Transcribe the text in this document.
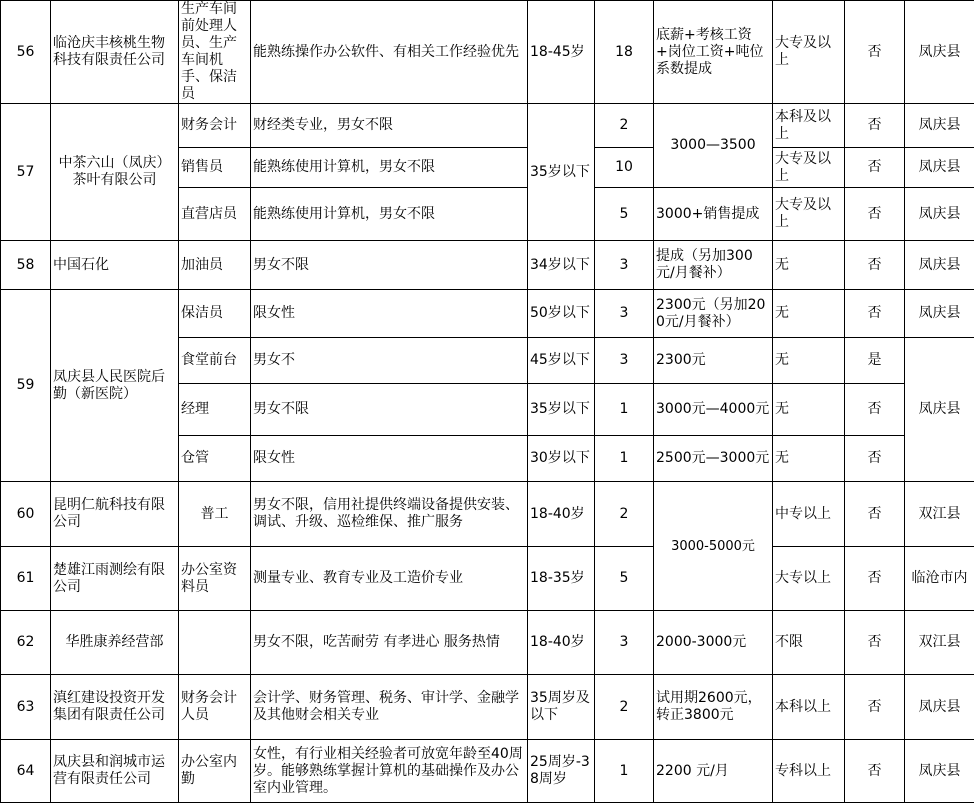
56	临沧庆丰核桃生物科技有限责任公司	生产车间前处理人员、生产车间机手、保洁员	能熟练操作办公软件、有相关工作经验优先	18-45岁	18	底薪+考核工资+岗位工资+吨位系数提成	大专及以上	否	凤庆县
57	中茶六山（凤庆）茶叶有限公司	财务会计	财经类专业，男女不限	35岁以下	2	3000—3500	本科及以上	否	凤庆县
		销售员	能熟练使用计算机，男女不限		10		大专及以上	否	凤庆县
		直营店员	能熟练使用计算机，男女不限		5	3000+销售提成	大专及以上	否	凤庆县
58	中国石化	加油员	男女不限	34岁以下	3	提成（另加300元/月餐补）	无	否	凤庆县
59	凤庆县人民医院后勤（新医院）	保洁员	限女性	50岁以下	3	2300元（另加200元/月餐补）	无	否	凤庆县
		食堂前台	男女不	45岁以下	3	2300元	无	是	凤庆县
		经理	男女不限	35岁以下	1	3000元—4000元	无	否	
		仓管	限女性	30岁以下	1	2500元—3000元	无	否	
60	昆明仁航科技有限公司	普工	男女不限，信用社提供终端设备提供安装、调试、升级、巡检维保、推广服务	18-40岁	2	3000-5000元	中专以上	否	双江县
61	楚雄江雨测绘有限公司	办公室资料员	测量专业、教育专业及工造价专业	18-35岁	5		大专以上	否	临沧市内
62	华胜康养经营部		男女不限，吃苦耐劳 有孝进心 服务热情	18-40岁	3	2000-3000元	不限	否	双江县
63	滇红建设投资开发集团有限责任公司	财务会计人员	会计学、财务管理、税务、审计学、金融学及其他财会相关专业	35周岁及以下	2	试用期2600元，转正3800元	本科以上	否	凤庆县
64	凤庆县和润城市运营有限责任公司	办公室内勤	女性，有行业相关经验者可放宽年龄至40周岁。能够熟练掌握计算机的基础操作及办公室内业管理。	25周岁-38周岁	1	2200 元/月	专科以上	否	凤庆县
